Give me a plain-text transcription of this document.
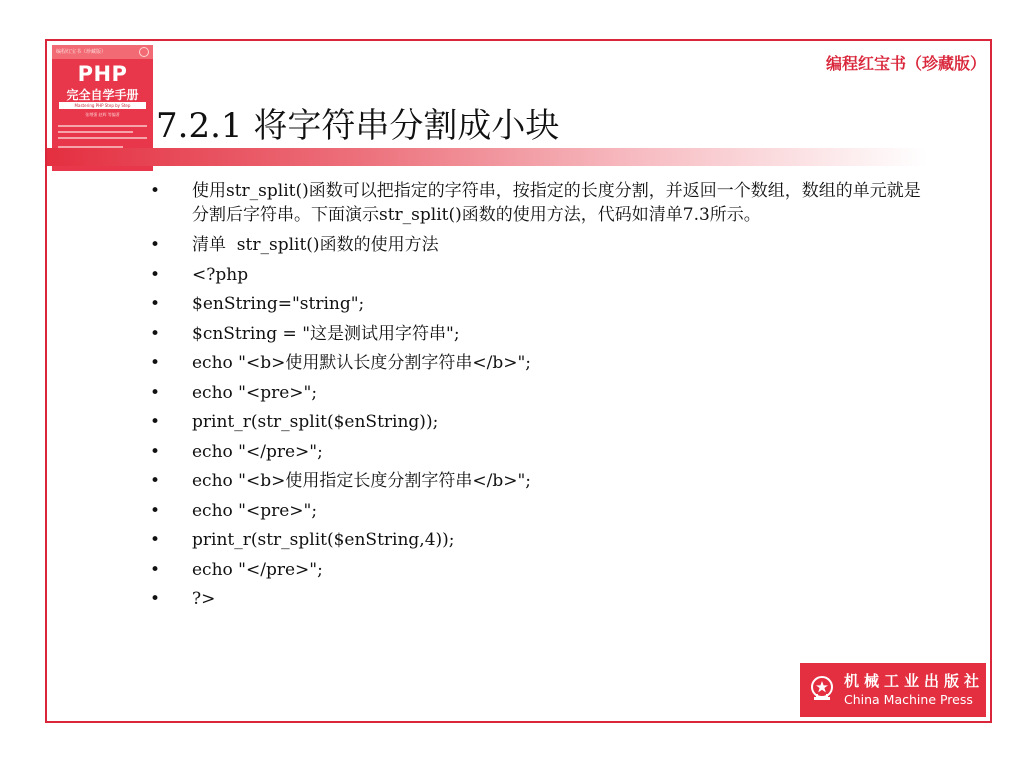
编程红宝书（珍藏版）
PHP
完全自学手册
Mastering PHP Step by Step
张增强 赵辉 等编著
编程红宝书（珍藏版）
7.2.1 将字符串分割成小块
• 使用str_split()函数可以把指定的字符串，按指定的长度分割，并返回一个数组，数组的单元就是分割后字符串。下面演示str_split()函数的使用方法，代码如清单7.3所示。
• 清单  str_split()函数的使用方法
• <?php
• $enString="string";
• $cnString = "这是测试用字符串";
• echo "<b>使用默认长度分割字符串</b>";
• echo "<pre>";
• print_r(str_split($enString));
• echo "</pre>";
• echo "<b>使用指定长度分割字符串</b>";
• echo "<pre>";
• print_r(str_split($enString,4));
• echo "</pre>";
• ?>
机械工业出版社
China Machine Press
